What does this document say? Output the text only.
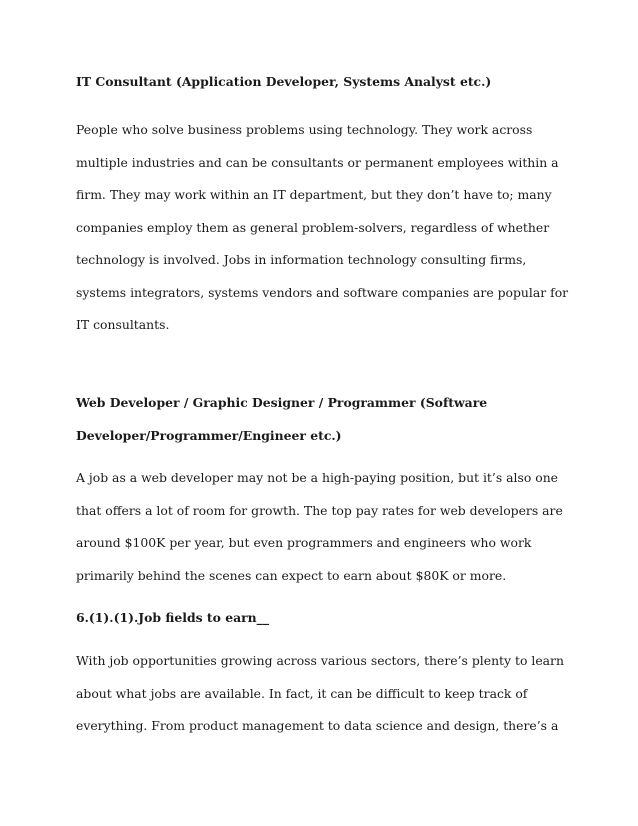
IT Consultant (Application Developer, Systems Analyst etc.)
People who solve business problems using technology. They work across
multiple industries and can be consultants or permanent employees within a
firm. They may work within an IT department, but they don’t have to; many
companies employ them as general problem-solvers, regardless of whether
technology is involved. Jobs in information technology consulting firms,
systems integrators, systems vendors and software companies are popular for
IT consultants.
Web Developer / Graphic Designer / Programmer (Software
Developer/Programmer/Engineer etc.)
A job as a web developer may not be a high-paying position, but it’s also one
that offers a lot of room for growth. The top pay rates for web developers are
around $100K per year, but even programmers and engineers who work
primarily behind the scenes can expect to earn about $80K or more.
6.(1).(1).Job fields to earn__
With job opportunities growing across various sectors, there’s plenty to learn
about what jobs are available. In fact, it can be difficult to keep track of
everything. From product management to data science and design, there’s a
